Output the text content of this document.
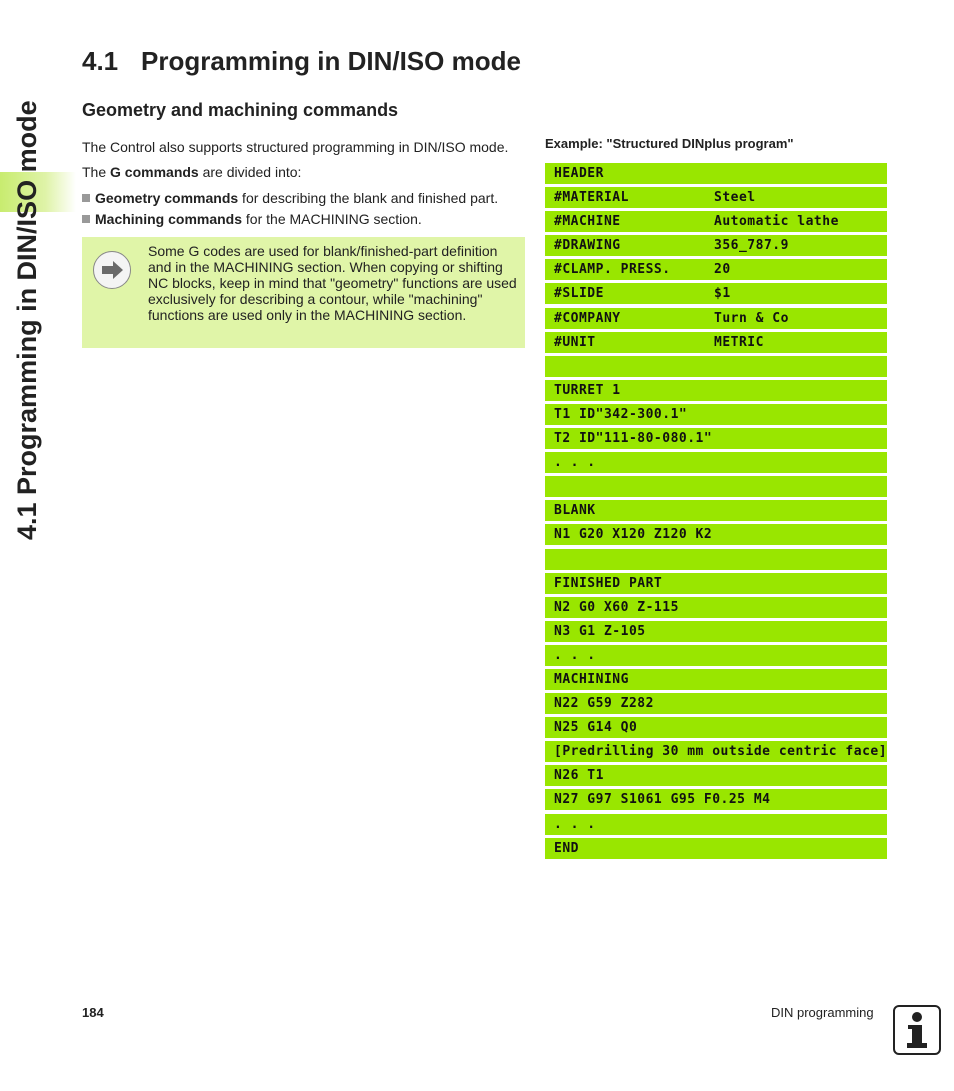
4.1 Programming in DIN/ISO mode
4.1 Programming in DIN/ISO mode
Geometry and machining commands

The Control also supports structured programming in DIN/ISO mode.

The G commands are divided into:

Geometry commands for describing the blank and finished part.
Machining commands for the MACHINING section.

Some G codes are used for blank/finished-part definition and in the MACHINING section. When copying or shifting NC blocks, keep in mind that "geometry" functions are used exclusively for describing a contour, while "machining" functions are used only in the MACHINING section.

Example: "Structured DINplus program"

HEADER
#MATERIAL	Steel
#MACHINE	Automatic lathe
#DRAWING	356_787.9
#CLAMP. PRESS.	20
#SLIDE	$1
#COMPANY	Turn & Co
#UNIT	METRIC
TURRET 1
T1 ID"342-300.1"
T2 ID"111-80-080.1"
. . .
BLANK
N1 G20 X120 Z120 K2
FINISHED PART
N2 G0 X60 Z-115
N3 G1 Z-105
. . .
MACHINING
N22 G59 Z282
N25 G14 Q0
[Predrilling 30 mm outside centric face]
N26 T1
N27 G97 S1061 G95 F0.25 M4
. . .
END
184	DIN programming
